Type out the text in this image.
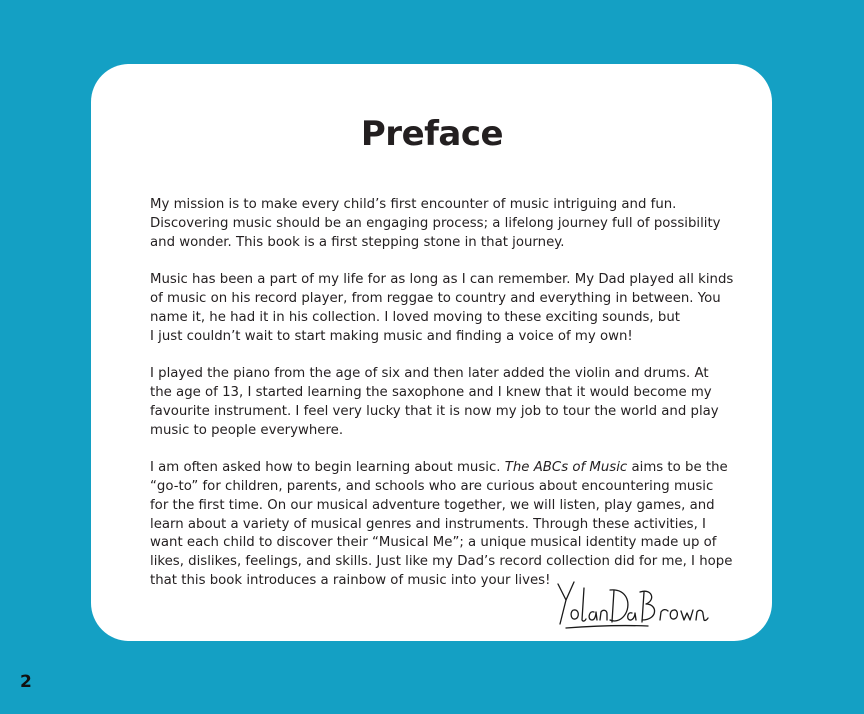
Preface

My mission is to make every child’s first encounter of music intriguing and fun.
Discovering music should be an engaging process; a lifelong journey full of possibility
and wonder. This book is a first stepping stone in that journey.

Music has been a part of my life for as long as I can remember. My Dad played all kinds
of music on his record player, from reggae to country and everything in between. You
name it, he had it in his collection. I loved moving to these exciting sounds, but
I just couldn’t wait to start making music and finding a voice of my own!

I played the piano from the age of six and then later added the violin and drums. At
the age of 13, I started learning the saxophone and I knew that it would become my
favourite instrument. I feel very lucky that it is now my job to tour the world and play
music to people everywhere.

I am often asked how to begin learning about music. The ABCs of Music aims to be the
“go-to” for children, parents, and schools who are curious about encountering music
for the first time. On our musical adventure together, we will listen, play games, and
learn about a variety of musical genres and instruments. Through these activities, I
want each child to discover their “Musical Me”; a unique musical identity made up of
likes, dislikes, feelings, and skills. Just like my Dad’s record collection did for me, I hope
that this book introduces a rainbow of music into your lives!

2
